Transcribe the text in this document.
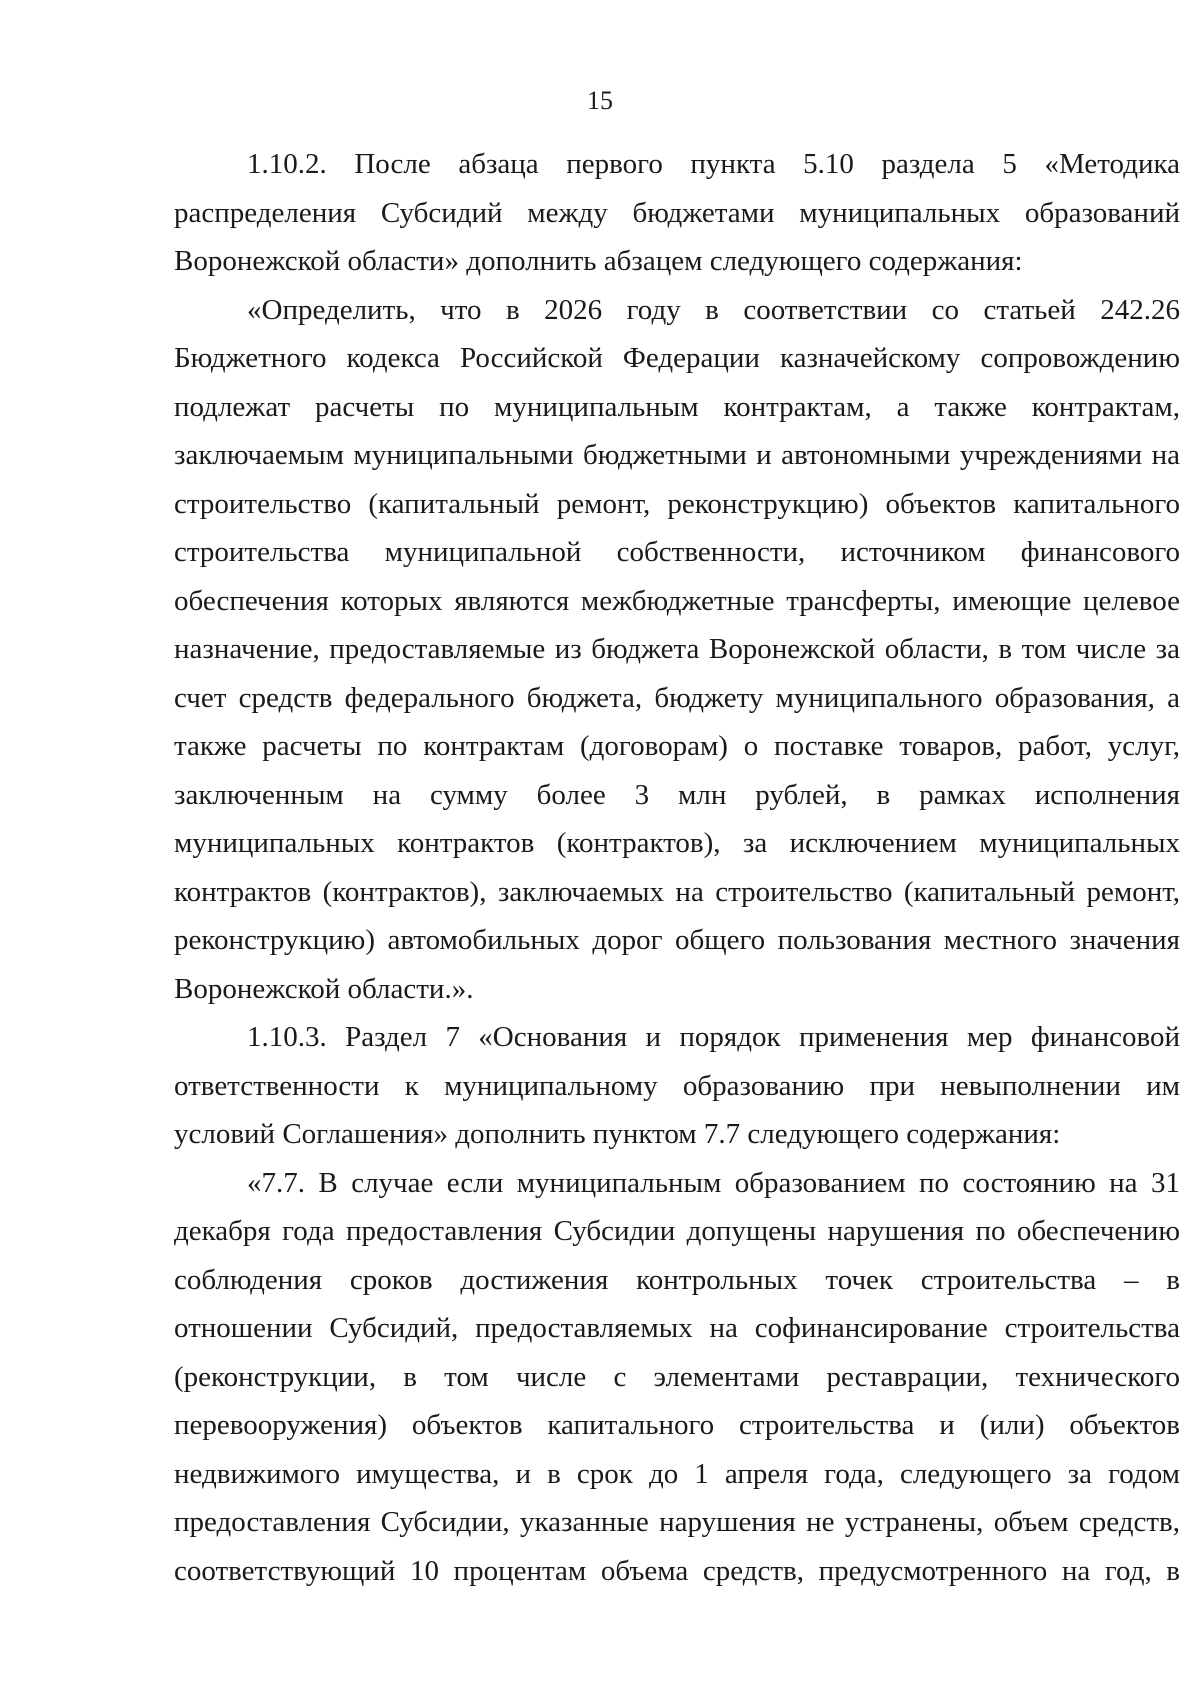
15
1.10.2. После абзаца первого пункта 5.10 раздела 5 «Методика
распределения Субсидий между бюджетами муниципальных образований
Воронежской области» дополнить абзацем следующего содержания:
«Определить, что в 2026 году в соответствии со статьей 242.26
Бюджетного кодекса Российской Федерации казначейскому сопровождению
подлежат расчеты по муниципальным контрактам, а также контрактам,
заключаемым муниципальными бюджетными и автономными учреждениями на
строительство (капитальный ремонт, реконструкцию) объектов капитального
строительства муниципальной собственности, источником финансового
обеспечения которых являются межбюджетные трансферты, имеющие целевое
назначение, предоставляемые из бюджета Воронежской области, в том числе за
счет средств федерального бюджета, бюджету муниципального образования, а
также расчеты по контрактам (договорам) о поставке товаров, работ, услуг,
заключенным на сумму более 3 млн рублей, в рамках исполнения
муниципальных контрактов (контрактов), за исключением муниципальных
контрактов (контрактов), заключаемых на строительство (капитальный ремонт,
реконструкцию) автомобильных дорог общего пользования местного значения
Воронежской области.».
1.10.3. Раздел 7 «Основания и порядок применения мер финансовой
ответственности к муниципальному образованию при невыполнении им
условий Соглашения» дополнить пунктом 7.7 следующего содержания:
«7.7. В случае если муниципальным образованием по состоянию на 31
декабря года предоставления Субсидии допущены нарушения по обеспечению
соблюдения сроков достижения контрольных точек строительства – в
отношении Субсидий, предоставляемых на софинансирование строительства
(реконструкции, в том числе с элементами реставрации, технического
перевооружения) объектов капитального строительства и (или) объектов
недвижимого имущества, и в срок до 1 апреля года, следующего за годом
предоставления Субсидии, указанные нарушения не устранены, объем средств,
соответствующий 10 процентам объема средств, предусмотренного на год, в
